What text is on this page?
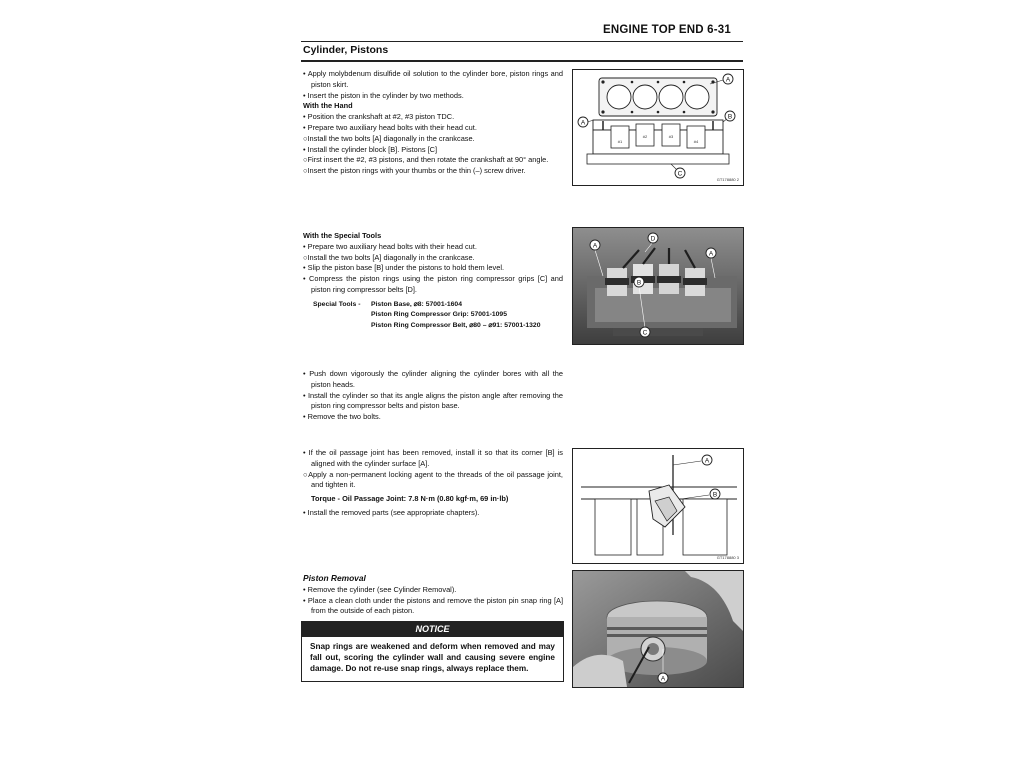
ENGINE TOP END 6-31
Cylinder, Pistons

• Apply molybdenum disulfide oil solution to the cylinder bore, piston rings and piston skirt.

• Insert the piston in the cylinder by two methods.

With the Hand

• Position the crankshaft at #2, #3 piston TDC.

• Prepare two auxiliary head bolts with their head cut.

○Install the two bolts [A] diagonally in the crankcase.

• Install the cylinder block [B]. Pistons [C]

○First insert the #2, #3 pistons, and then rotate the crankshaft at 90° angle.

○Insert the piston rings with your thumbs or the thin (–) screw driver.

With the Special Tools

• Prepare two auxiliary head bolts with their head cut.

○Install the two bolts [A] diagonally in the crankcase.

• Slip the piston base [B] under the pistons to hold them level.

• Compress the piston rings using the piston ring compressor grips [C] and piston ring compressor belts [D].

Special Tools -	Piston Base, ⌀8: 57001-1604
Piston Ring Compressor Grip: 57001-1095
Piston Ring Compressor Belt, ⌀80 – ⌀91: 57001-1320

• Push down vigorously the cylinder aligning the cylinder bores with all the piston heads.

• Install the cylinder so that its angle aligns the piston angle after removing the piston ring compressor belts and piston base.

• Remove the two bolts.

• If the oil passage joint has been removed, install it so that its corner [B] is aligned with the cylinder surface [A].

○Apply a non-permanent locking agent to the threads of the oil passage joint, and tighten it.

Torque - Oil Passage Joint: 7.8 N·m (0.80 kgf·m, 69 in·lb)

• Install the removed parts (see appropriate chapters).

Piston Removal

• Remove the cylinder (see Cylinder Removal).

• Place a clean cloth under the pistons and remove the piston pin snap ring [A] from the outside of each piston.

NOTICE
Snap rings are weakened and deform when removed and may fall out, scoring the cylinder wall and causing severe engine damage. Do not re-use snap rings, always replace them.
#1
#2	#3
#4
A
A
B
C
GT178880 2
A
D
A
B
C
A
B
GT178880 3
A
